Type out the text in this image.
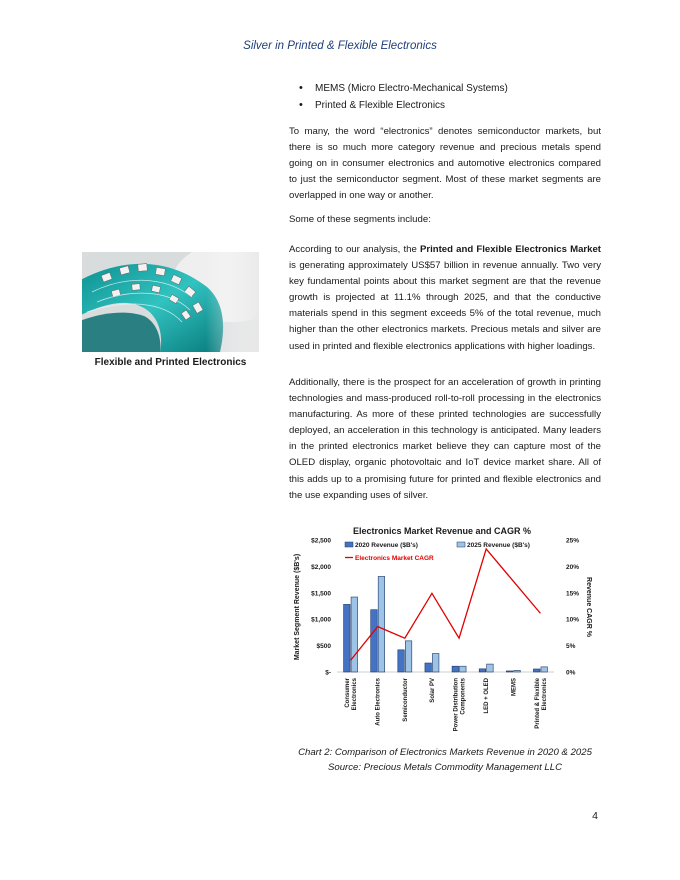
Silver in Printed & Flexible Electronics
• MEMS (Micro Electro-Mechanical Systems)
• Printed & Flexible Electronics

To many, the word “electronics” denotes semiconductor markets, but there is so much more category revenue and precious metals spend going on in consumer electronics and automotive electronics compared to just the semiconductor segment. Most of these market segments are overlapped in one way or another.

Some of these segments include:

According to our analysis, the Printed and Flexible Electronics Market is generating approximately US$57 billion in revenue annually. Two very key fundamental points about this market segment are that the revenue growth is projected at 11.1% through 2025, and that the conductive materials spend in this segment exceeds 5% of the total revenue, much higher than the other electronics markets. Precious metals and silver are used in printed and flexible electronics applications with higher loadings.

Additionally, there is the prospect for an acceleration of growth in printing technologies and mass-produced roll-to-roll processing in the electronics manufacturing. As more of these printed technologies are successfully deployed, an acceleration in this technology is anticipated. Many leaders in the printed electronics market believe they can capture most of the OLED display, organic photovoltaic and IoT device market share. All of this adds up to a promising future for printed and flexible electronics and the use expanding uses of silver.

Flexible and Printed Electronics
Electronics Market Revenue and CAGR %
Market Segment Revenue ($B's)	Revenue CAGR %
2020 Revenue ($B's)	2025 Revenue ($B's)
Electronics Market CAGR
$2,500
$2,000
$1,500
$1,000
$500
$-
25%
20%
15%
10%
5%
0%
ConsumerElectronics	Auto Electronics	Semiconductor	Solar PV	Power DistributionComponents	LED + OLED	MEMS	Printed & FlexibleElectronics
Chart 2: Comparison of Electronics Markets Revenue in 2020 & 2025
Source: Precious Metals Commodity Management LLC
4
